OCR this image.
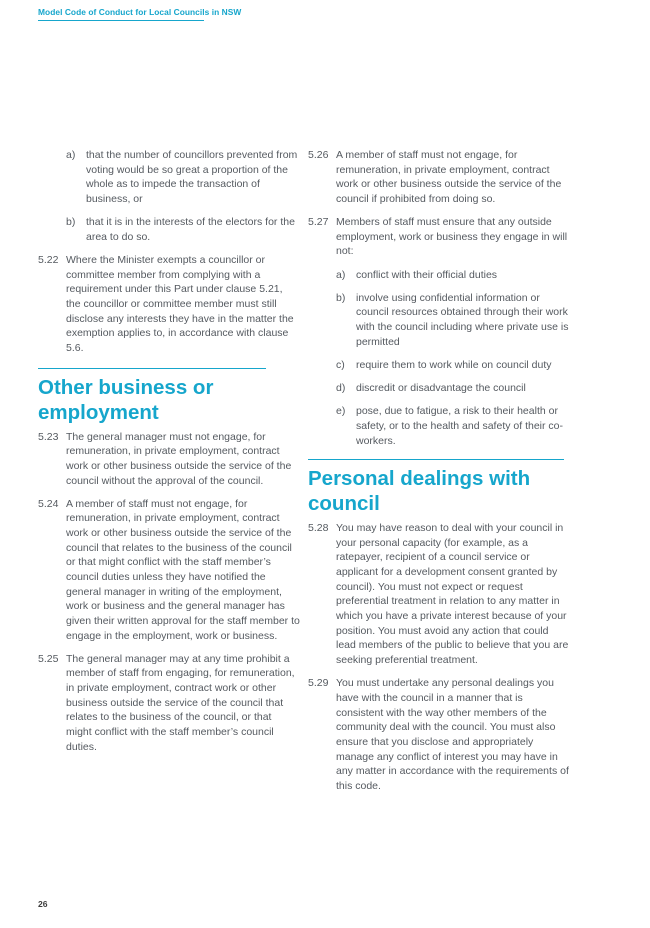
Model Code of Conduct for Local Councils in NSW
a)	that the number of councillors prevented from voting would be so great a proportion of the whole as to impede the transaction of business, or
b)	that it is in the interests of the electors for the area to do so.
5.22 Where the Minister exempts a councillor or committee member from complying with a requirement under this Part under clause 5.21, the councillor or committee member must still disclose any interests they have in the matter the exemption applies to, in accordance with clause 5.6.
Other business or employment
5.23 The general manager must not engage, for remuneration, in private employment, contract work or other business outside the service of the council without the approval of the council.
5.24 A member of staff must not engage, for remuneration, in private employment, contract work or other business outside the service of the council that relates to the business of the council or that might conflict with the staff member’s council duties unless they have notified the general manager in writing of the employment, work or business and the general manager has given their written approval for the staff member to engage in the employment, work or business.
5.25 The general manager may at any time prohibit a member of staff from engaging, for remuneration, in private employment, contract work or other business outside the service of the council that relates to the business of the council, or that might conflict with the staff member’s council duties.
5.26 A member of staff must not engage, for remuneration, in private employment, contract work or other business outside the service of the council if prohibited from doing so.
5.27 Members of staff must ensure that any outside employment, work or business they engage in will not:
a)	conflict with their official duties
b)	involve using confidential information or council resources obtained through their work with the council including where private use is permitted
c)	require them to work while on council duty
d)	discredit or disadvantage the council
e)	pose, due to fatigue, a risk to their health or safety, or to the health and safety of their co-workers.
Personal dealings with council
5.28 You may have reason to deal with your council in your personal capacity (for example, as a ratepayer, recipient of a council service or applicant for a development consent granted by council). You must not expect or request preferential treatment in relation to any matter in which you have a private interest because of your position. You must avoid any action that could lead members of the public to believe that you are seeking preferential treatment.
5.29 You must undertake any personal dealings you have with the council in a manner that is consistent with the way other members of the community deal with the council. You must also ensure that you disclose and appropriately manage any conflict of interest you may have in any matter in accordance with the requirements of this code.
26
